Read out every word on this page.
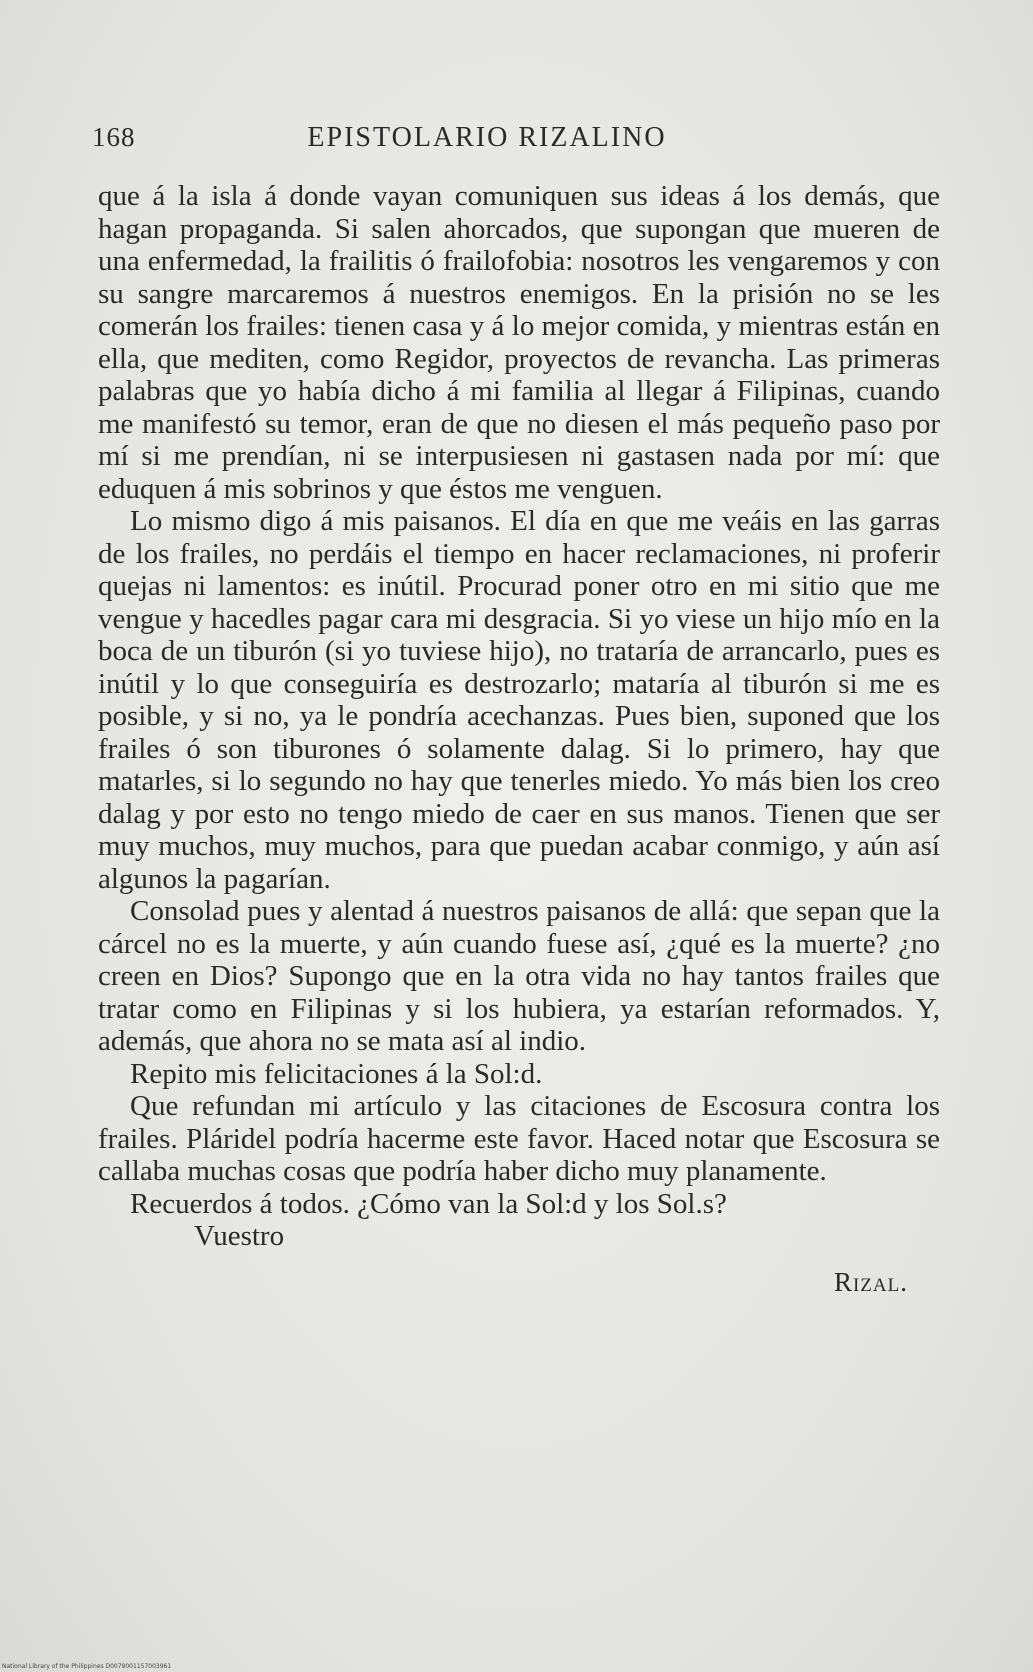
168	EPISTOLARIO RIZALINO

que á la isla á donde vayan comuniquen sus ideas á los demás, que hagan propaganda. Si salen ahorcados, que supongan que mueren de una enfermedad, la frailitis ó frailofobia: nosotros les vengaremos y con su sangre marcaremos á nuestros enemigos. En la prisión no se les comerán los frailes: tienen casa y á lo mejor comida, y mientras están en ella, que mediten, como Regidor, proyectos de revancha. Las primeras palabras que yo había dicho á mi familia al llegar á Filipinas, cuando me manifestó su temor, eran de que no diesen el más pequeño paso por mí si me prendían, ni se interpusiesen ni gastasen nada por mí: que eduquen á mis sobrinos y que éstos me venguen.

Lo mismo digo á mis paisanos. El día en que me veáis en las garras de los frailes, no perdáis el tiempo en hacer reclamaciones, ni proferir quejas ni lamentos: es inútil. Procurad poner otro en mi sitio que me vengue y hacedles pagar cara mi desgracia. Si yo viese un hijo mío en la boca de un tiburón (si yo tuviese hijo), no trataría de arrancarlo, pues es inútil y lo que conseguiría es destrozarlo; mataría al tiburón si me es posible, y si no, ya le pondría acechanzas. Pues bien, suponed que los frailes ó son tiburones ó solamente dalag. Si lo primero, hay que matarles, si lo segundo no hay que tenerles miedo. Yo más bien los creo dalag y por esto no tengo miedo de caer en sus manos. Tienen que ser muy muchos, muy muchos, para que puedan acabar conmigo, y aún así algunos la pagarían.

Consolad pues y alentad á nuestros paisanos de allá: que sepan que la cárcel no es la muerte, y aún cuando fuese así, ¿qué es la muerte? ¿no creen en Dios? Supongo que en la otra vida no hay tantos frailes que tratar como en Filipinas y si los hubiera, ya estarían reformados. Y, además, que ahora no se mata así al indio.

Repito mis felicitaciones á la Sol:d.

Que refundan mi artículo y las citaciones de Escosura contra los frailes. Pláridel podría hacerme este favor. Haced notar que Escosura se callaba muchas cosas que podría haber dicho muy planamente.

Recuerdos á todos. ¿Cómo van la Sol:d y los Sol.s?

Vuestro

Rizal.

National Library of the Philippines D0079001157003961
